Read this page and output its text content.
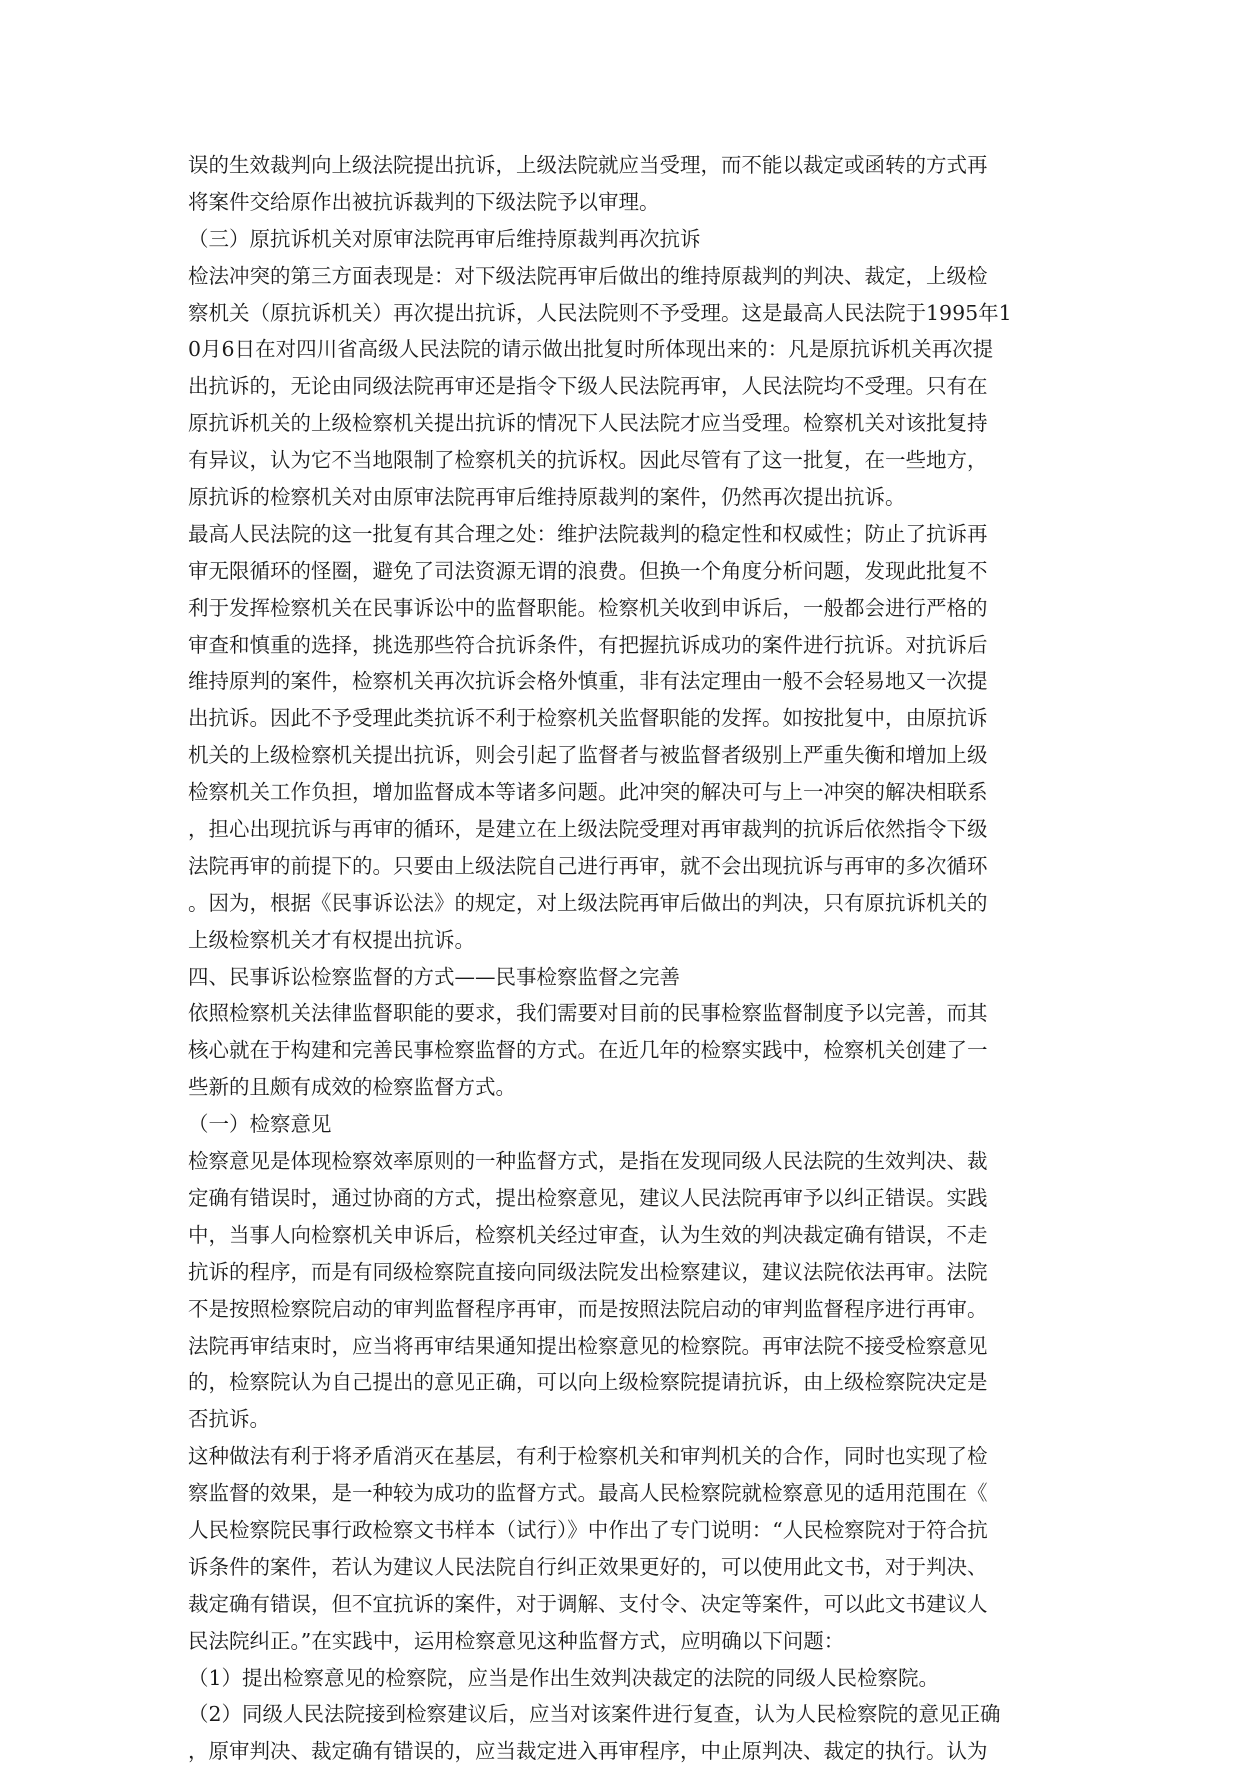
误的生效裁判向上级法院提出抗诉，上级法院就应当受理，而不能以裁定或函转的方式再
将案件交给原作出被抗诉裁判的下级法院予以审理。
（三）原抗诉机关对原审法院再审后维持原裁判再次抗诉
检法冲突的第三方面表现是：对下级法院再审后做出的维持原裁判的判决、裁定，上级检
察机关（原抗诉机关）再次提出抗诉，人民法院则不予受理。这是最高人民法院于1995年1
0月6日在对四川省高级人民法院的请示做出批复时所体现出来的：凡是原抗诉机关再次提
出抗诉的，无论由同级法院再审还是指令下级人民法院再审，人民法院均不受理。只有在
原抗诉机关的上级检察机关提出抗诉的情况下人民法院才应当受理。检察机关对该批复持
有异议，认为它不当地限制了检察机关的抗诉权。因此尽管有了这一批复，在一些地方，
原抗诉的检察机关对由原审法院再审后维持原裁判的案件，仍然再次提出抗诉。
最高人民法院的这一批复有其合理之处：维护法院裁判的稳定性和权威性；防止了抗诉再
审无限循环的怪圈，避免了司法资源无谓的浪费。但换一个角度分析问题，发现此批复不
利于发挥检察机关在民事诉讼中的监督职能。检察机关收到申诉后，一般都会进行严格的
审查和慎重的选择，挑选那些符合抗诉条件，有把握抗诉成功的案件进行抗诉。对抗诉后
维持原判的案件，检察机关再次抗诉会格外慎重，非有法定理由一般不会轻易地又一次提
出抗诉。因此不予受理此类抗诉不利于检察机关监督职能的发挥。如按批复中，由原抗诉
机关的上级检察机关提出抗诉，则会引起了监督者与被监督者级别上严重失衡和增加上级
检察机关工作负担，增加监督成本等诸多问题。此冲突的解决可与上一冲突的解决相联系
，担心出现抗诉与再审的循环，是建立在上级法院受理对再审裁判的抗诉后依然指令下级
法院再审的前提下的。只要由上级法院自己进行再审，就不会出现抗诉与再审的多次循环
。因为，根据《民事诉讼法》的规定，对上级法院再审后做出的判决，只有原抗诉机关的
上级检察机关才有权提出抗诉。
四、民事诉讼检察监督的方式——民事检察监督之完善
依照检察机关法律监督职能的要求，我们需要对目前的民事检察监督制度予以完善，而其
核心就在于构建和完善民事检察监督的方式。在近几年的检察实践中，检察机关创建了一
些新的且颇有成效的检察监督方式。
（一）检察意见
检察意见是体现检察效率原则的一种监督方式，是指在发现同级人民法院的生效判决、裁
定确有错误时，通过协商的方式，提出检察意见，建议人民法院再审予以纠正错误。实践
中，当事人向检察机关申诉后，检察机关经过审查，认为生效的判决裁定确有错误，不走
抗诉的程序，而是有同级检察院直接向同级法院发出检察建议，建议法院依法再审。法院
不是按照检察院启动的审判监督程序再审，而是按照法院启动的审判监督程序进行再审。
法院再审结束时，应当将再审结果通知提出检察意见的检察院。再审法院不接受检察意见
的，检察院认为自己提出的意见正确，可以向上级检察院提请抗诉，由上级检察院决定是
否抗诉。
这种做法有利于将矛盾消灭在基层，有利于检察机关和审判机关的合作，同时也实现了检
察监督的效果，是一种较为成功的监督方式。最高人民检察院就检察意见的适用范围在《
人民检察院民事行政检察文书样本（试行）》中作出了专门说明：“人民检察院对于符合抗
诉条件的案件，若认为建议人民法院自行纠正效果更好的，可以使用此文书，对于判决、
裁定确有错误，但不宜抗诉的案件，对于调解、支付令、决定等案件，可以此文书建议人
民法院纠正。”在实践中，运用检察意见这种监督方式，应明确以下问题：
（1）提出检察意见的检察院，应当是作出生效判决裁定的法院的同级人民检察院。
（2）同级人民法院接到检察建议后，应当对该案件进行复查，认为人民检察院的意见正确
，原审判决、裁定确有错误的，应当裁定进入再审程序，中止原判决、裁定的执行。认为
